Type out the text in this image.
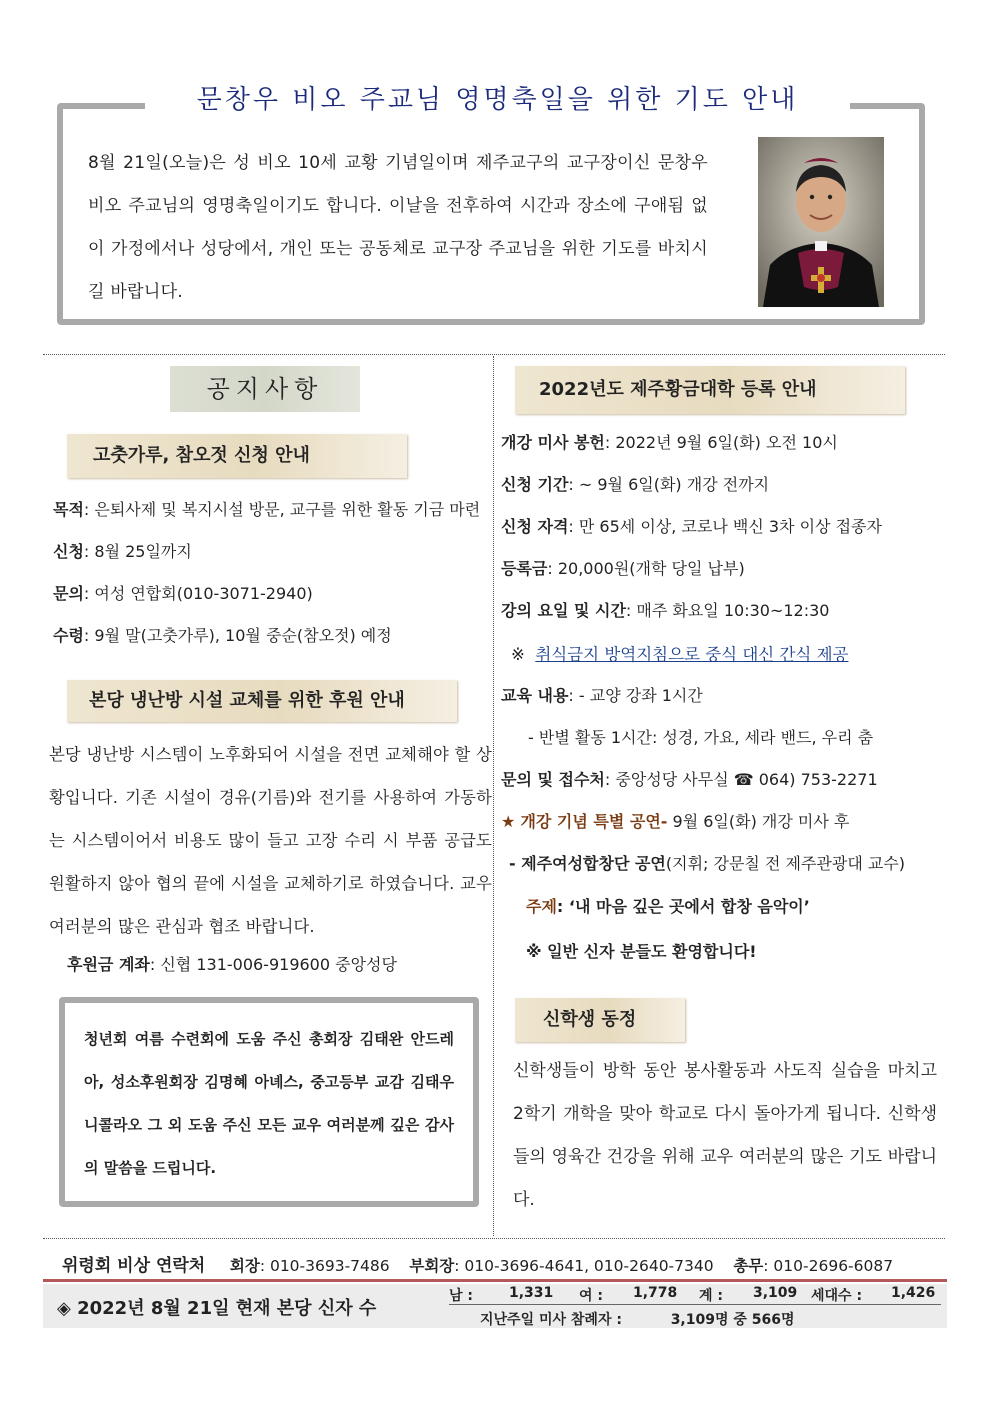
문창우 비오 주교님 영명축일을 위한 기도 안내
8월 21일(오늘)은 성 비오 10세 교황 기념일이며 제주교구의 교구장이신 문창우 비오 주교님의 영명축일이기도 합니다. 이날을 전후하여 시간과 장소에 구애됨 없이 가정에서나 성당에서, 개인 또는 공동체로 교구장 주교님을 위한 기도를 바치시길 바랍니다.
공지사항
고춧가루, 참오젓 신청 안내
목적: 은퇴사제 및 복지시설 방문, 교구를 위한 활동 기금 마련
신청: 8월 25일까지
문의: 여성 연합회(010-3071-2940)
수령: 9월 말(고춧가루), 10월 중순(참오젓) 예정
본당 냉난방 시설 교체를 위한 후원 안내
본당 냉난방 시스템이 노후화되어 시설을 전면 교체해야 할 상황입니다. 기존 시설이 경유(기름)와 전기를 사용하여 가동하는 시스템이어서 비용도 많이 들고 고장 수리 시 부품 공급도 원활하지 않아 협의 끝에 시설을 교체하기로 하였습니다. 교우 여러분의 많은 관심과 협조 바랍니다.
후원금 계좌: 신협 131-006-919600 중앙성당
청년회 여름 수련회에 도움 주신 총회장 김태완 안드레아, 성소후원회장 김명혜 아녜스, 중고등부 교감 김태우 니콜라오 그 외 도움 주신 모든 교우 여러분께 깊은 감사의 말씀을 드립니다.
2022년도 제주황금대학 등록 안내
개강 미사 봉헌: 2022년 9월 6일(화) 오전 10시
신청 기간: ~ 9월 6일(화) 개강 전까지
신청 자격: 만 65세 이상, 코로나 백신 3차 이상 접종자
등록금: 20,000원(개학 당일 납부)
강의 요일 및 시간: 매주 화요일 10:30~12:30
※ 취식금지 방역지침으로 중식 대신 간식 제공
교육 내용: - 교양 강좌 1시간
- 반별 활동 1시간: 성경, 가요, 세라 밴드, 우리 춤
문의 및 접수처: 중앙성당 사무실 ☎ 064) 753-2271
★ 개강 기념 특별 공연- 9월 6일(화) 개강 미사 후
- 제주여성합창단 공연(지휘; 강문칠 전 제주관광대 교수)
주제: ‘내 마음 깊은 곳에서 합창 음악이’
※ 일반 신자 분들도 환영합니다!
신학생 동정
신학생들이 방학 동안 봉사활동과 사도직 실습을 마치고 2학기 개학을 맞아 학교로 다시 돌아가게 됩니다. 신학생들의 영육간 건강을 위해 교우 여러분의 많은 기도 바랍니다.
위령회 비상 연락처 회장: 010-3693-7486 부회장: 010-3696-4641, 010-2640-7340 총무: 010-2696-6087
◈ 2022년 8월 21일 현재 본당 신자 수
남 :	1,331 여 : 1,778 계 : 3,109 세대수 : 1,426
지난주일 미사 참례자 :	3,109명 중 566명
